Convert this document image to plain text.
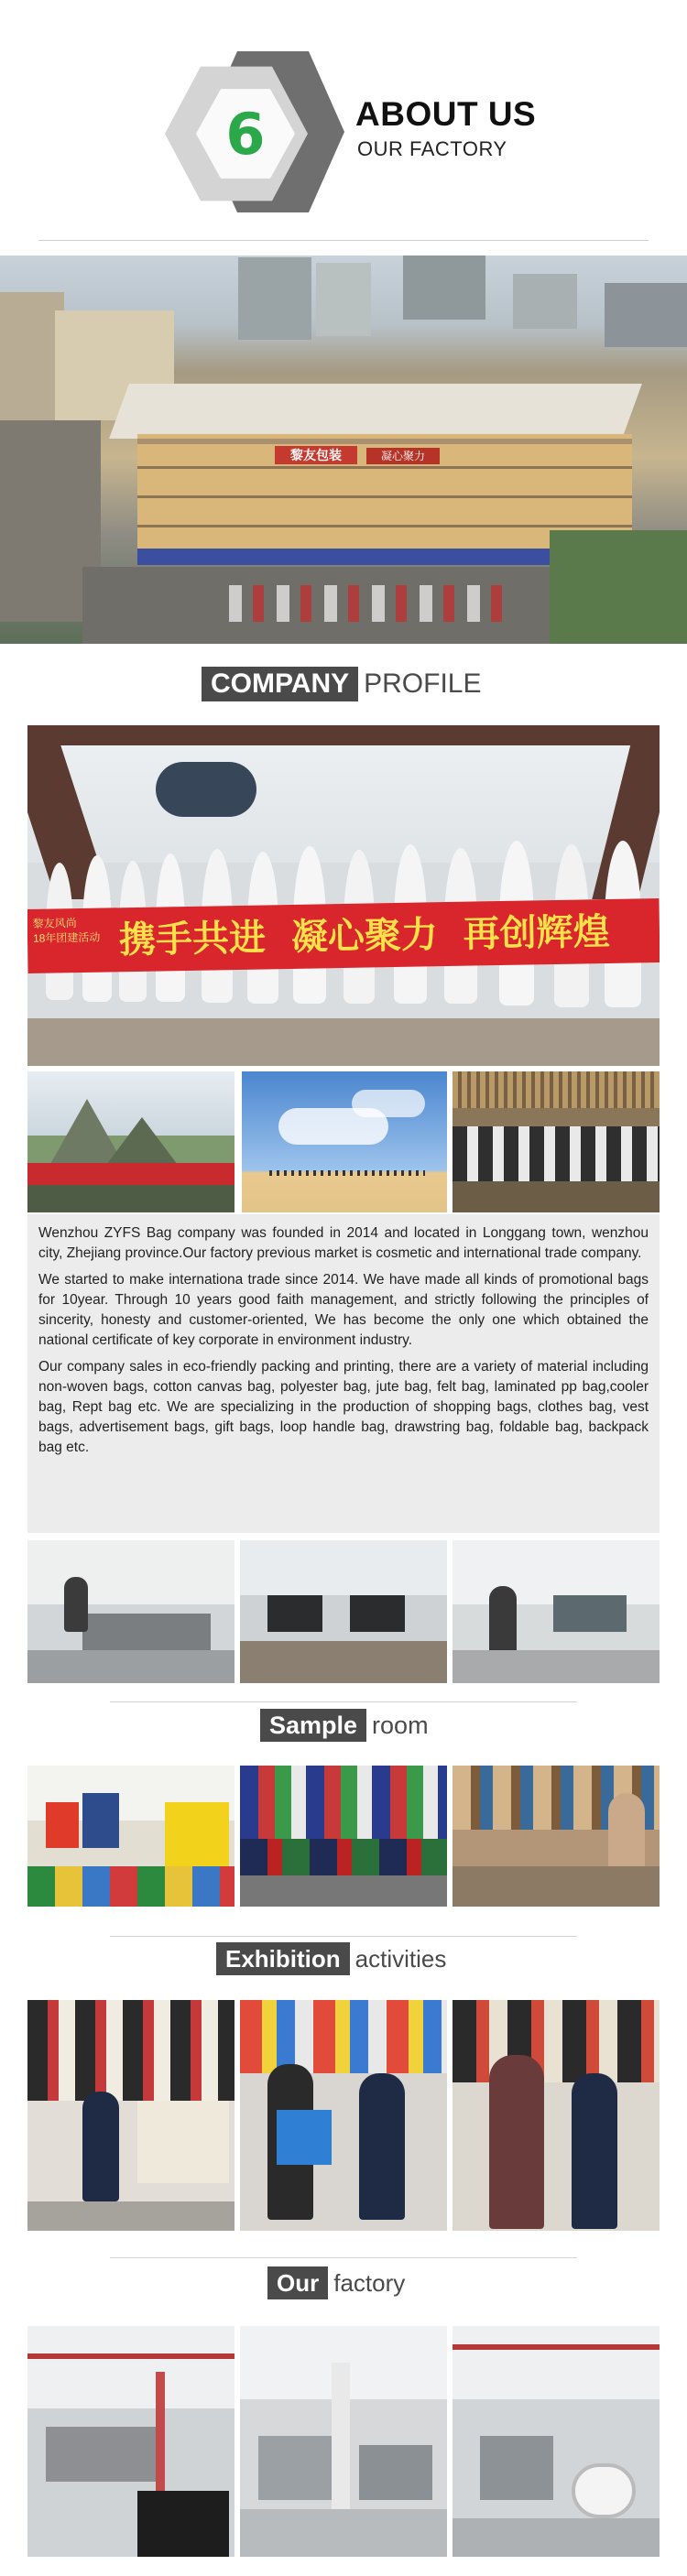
6	ABOUT US
OUR FACTORY
黎友包装	凝心聚力
COMPANY PROFILE
黎友风尚
18年团建活动 携手共进  凝心聚力  再创辉煌

Wenzhou ZYFS Bag company was founded in 2014 and located in Longgang town, wenzhou city, Zhejiang province.Our factory previous market is cosmetic and international trade company.

We started to make internationa trade since 2014. We have made all kinds of promotional bags for 10year. Through 10 years good faith management, and strictly following the principles of sincerity, honesty and customer-oriented, We has become the only one which obtained the national certificate of key corporate in environment industry.

Our company sales in eco-friendly packing and printing, there are a variety of material including non-woven bags, cotton canvas bag, polyester bag, jute bag, felt bag, laminated pp bag,cooler bag, Rept bag etc. We are specializing in the production of shopping bags, clothes bag, vest bags, advertisement bags, gift bags, loop handle bag, drawstring bag, foldable bag, backpack bag etc.

Sample room
Exhibition activities
Our factory
